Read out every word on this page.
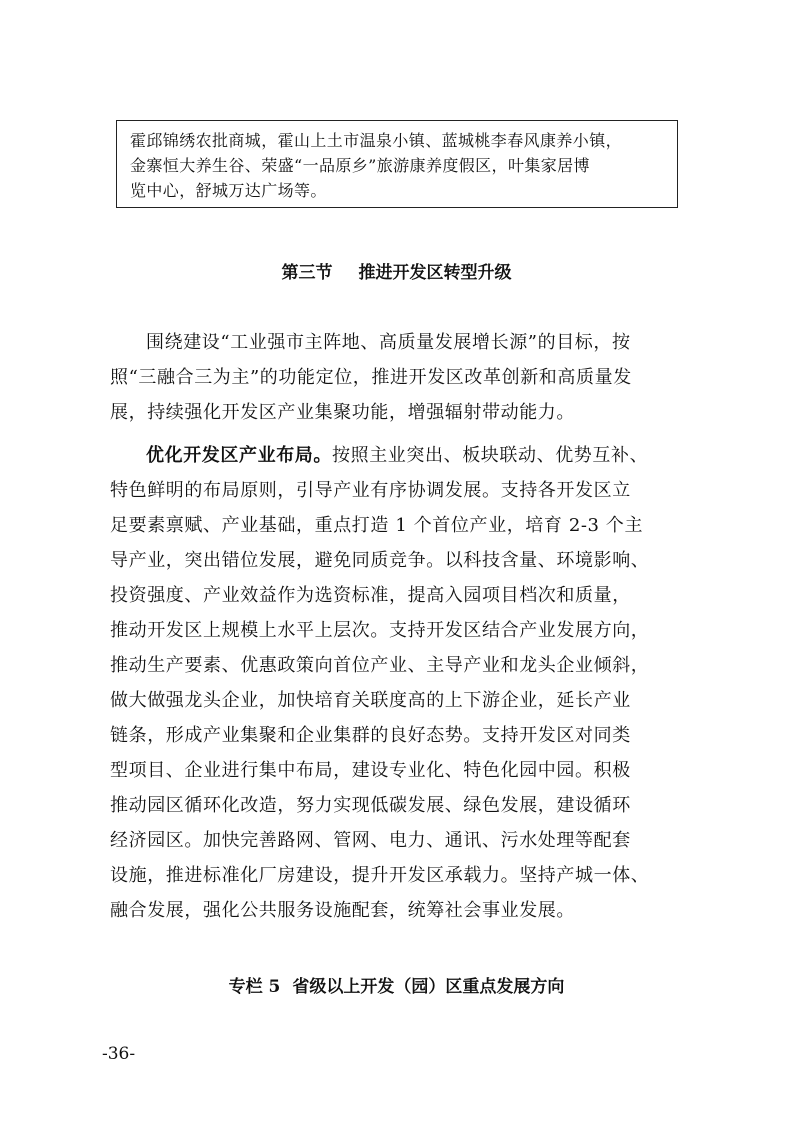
霍邱锦绣农批商城，霍山上土市温泉小镇、蓝城桃李春风康养小镇，
金寨恒大养生谷、荣盛“一品原乡”旅游康养度假区，叶集家居博
览中心，舒城万达广场等。
第三节 推进开发区转型升级
围绕建设“工业强市主阵地、高质量发展增长源”的目标，按
照“三融合三为主”的功能定位，推进开发区改革创新和高质量发
展，持续强化开发区产业集聚功能，增强辐射带动能力。
优化开发区产业布局。按照主业突出、板块联动、优势互补、
特色鲜明的布局原则，引导产业有序协调发展。支持各开发区立
足要素禀赋、产业基础，重点打造 1 个首位产业，培育 2-3 个主
导产业，突出错位发展，避免同质竞争。以科技含量、环境影响、
投资强度、产业效益作为选资标准，提高入园项目档次和质量，
推动开发区上规模上水平上层次。支持开发区结合产业发展方向，
推动生产要素、优惠政策向首位产业、主导产业和龙头企业倾斜，
做大做强龙头企业，加快培育关联度高的上下游企业，延长产业
链条，形成产业集聚和企业集群的良好态势。支持开发区对同类
型项目、企业进行集中布局，建设专业化、特色化园中园。积极
推动园区循环化改造，努力实现低碳发展、绿色发展，建设循环
经济园区。加快完善路网、管网、电力、通讯、污水处理等配套
设施，推进标准化厂房建设，提升开发区承载力。坚持产城一体、
融合发展，强化公共服务设施配套，统筹社会事业发展。
专栏 5 省级以上开发（园）区重点发展方向
-36-
